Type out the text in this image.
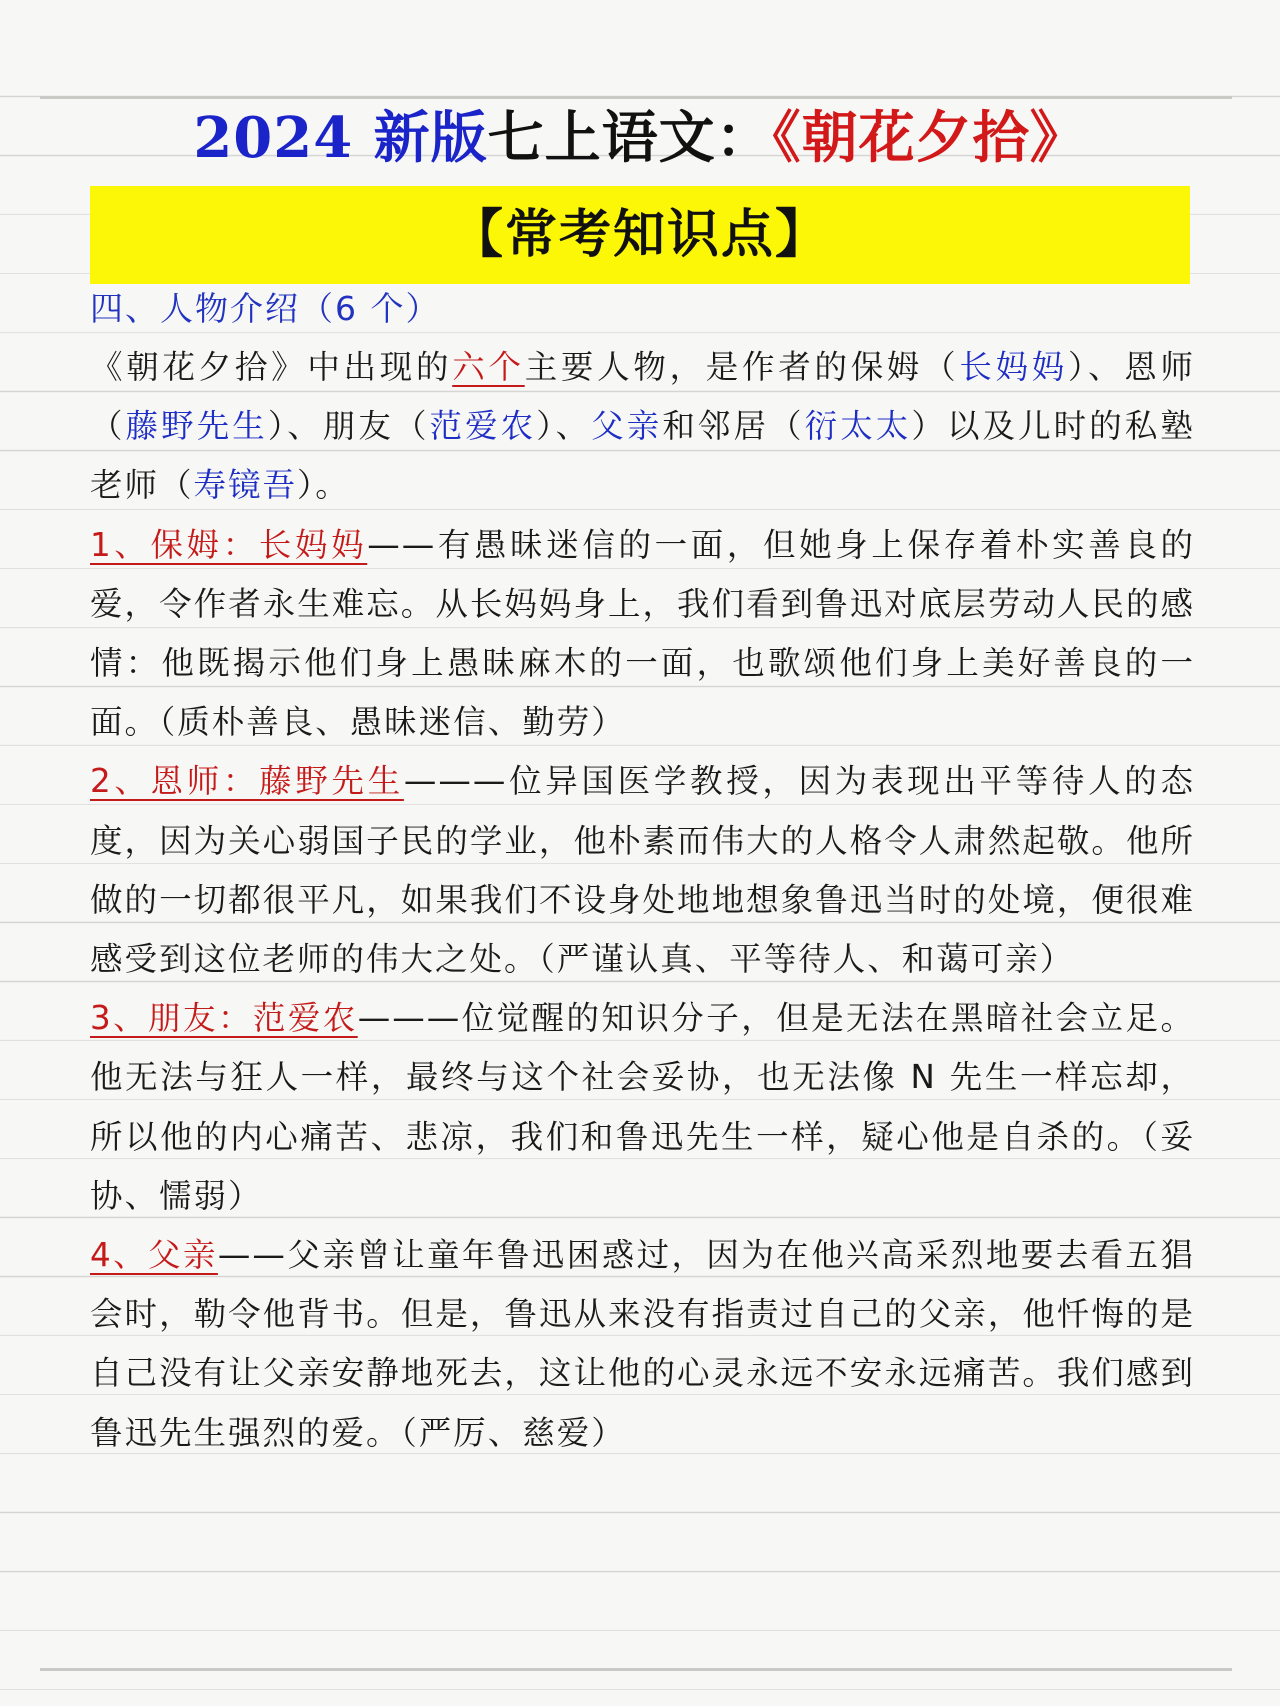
2024 新版七上语文：《朝花夕拾》
【常考知识点】
四、人物介绍（6 个）

《朝花夕拾》中出现的六个主要人物，是作者的保姆（长妈妈）、恩师（藤野先生）、朋友（范爱农）、父亲和邻居（衍太太）以及儿时的私塾老师（寿镜吾）。

1、保姆：长妈妈——有愚昧迷信的一面，但她身上保存着朴实善良的爱，令作者永生难忘。从长妈妈身上，我们看到鲁迅对底层劳动人民的感情：他既揭示他们身上愚昧麻木的一面，也歌颂他们身上美好善良的一面。（质朴善良、愚昧迷信、勤劳）

2、恩师：藤野先生———位异国医学教授，因为表现出平等待人的态度，因为关心弱国子民的学业，他朴素而伟大的人格令人肃然起敬。他所做的一切都很平凡，如果我们不设身处地地想象鲁迅当时的处境，便很难感受到这位老师的伟大之处。（严谨认真、平等待人、和蔼可亲）

3、朋友：范爱农———位觉醒的知识分子，但是无法在黑暗社会立足。他无法与狂人一样，最终与这个社会妥协，也无法像 N 先生一样忘却，所以他的内心痛苦、悲凉，我们和鲁迅先生一样，疑心他是自杀的。（妥协、懦弱）

4、父亲——父亲曾让童年鲁迅困惑过，因为在他兴高采烈地要去看五猖会时，勒令他背书。但是，鲁迅从来没有指责过自己的父亲，他忏悔的是自己没有让父亲安静地死去，这让他的心灵永远不安永远痛苦。我们感到鲁迅先生强烈的爱。（严厉、慈爱）
